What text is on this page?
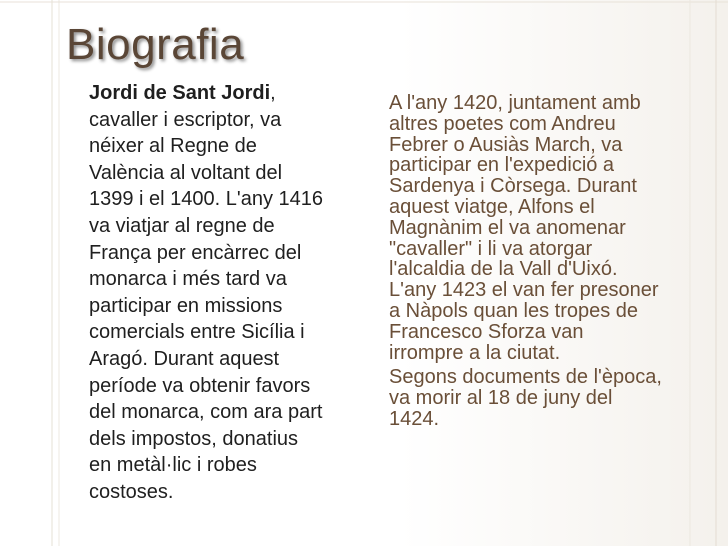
Biografia

Jordi de Sant Jordi,
cavaller i escriptor, va
néixer al Regne de
València al voltant del
1399 i el 1400. L'any 1416
va viatjar al regne de
França per encàrrec del
monarca i més tard va
participar en missions
comercials entre Sicília i
Aragó. Durant aquest
període va obtenir favors
del monarca, com ara part
dels impostos, donatius
en metàl·lic i robes
costoses.

A l'any 1420, juntament amb
altres poetes com Andreu
Febrer o Ausiàs March, va
participar en l'expedició a
Sardenya i Còrsega. Durant
aquest viatge, Alfons el
Magnànim el va anomenar
"cavaller" i li va atorgar
l'alcaldia de la Vall d'Uixó.
L'any 1423 el van fer presoner
a Nàpols quan les tropes de
Francesco Sforza van
irrompre a la ciutat.

Segons documents de l'època,
va morir al 18 de juny del
1424.
